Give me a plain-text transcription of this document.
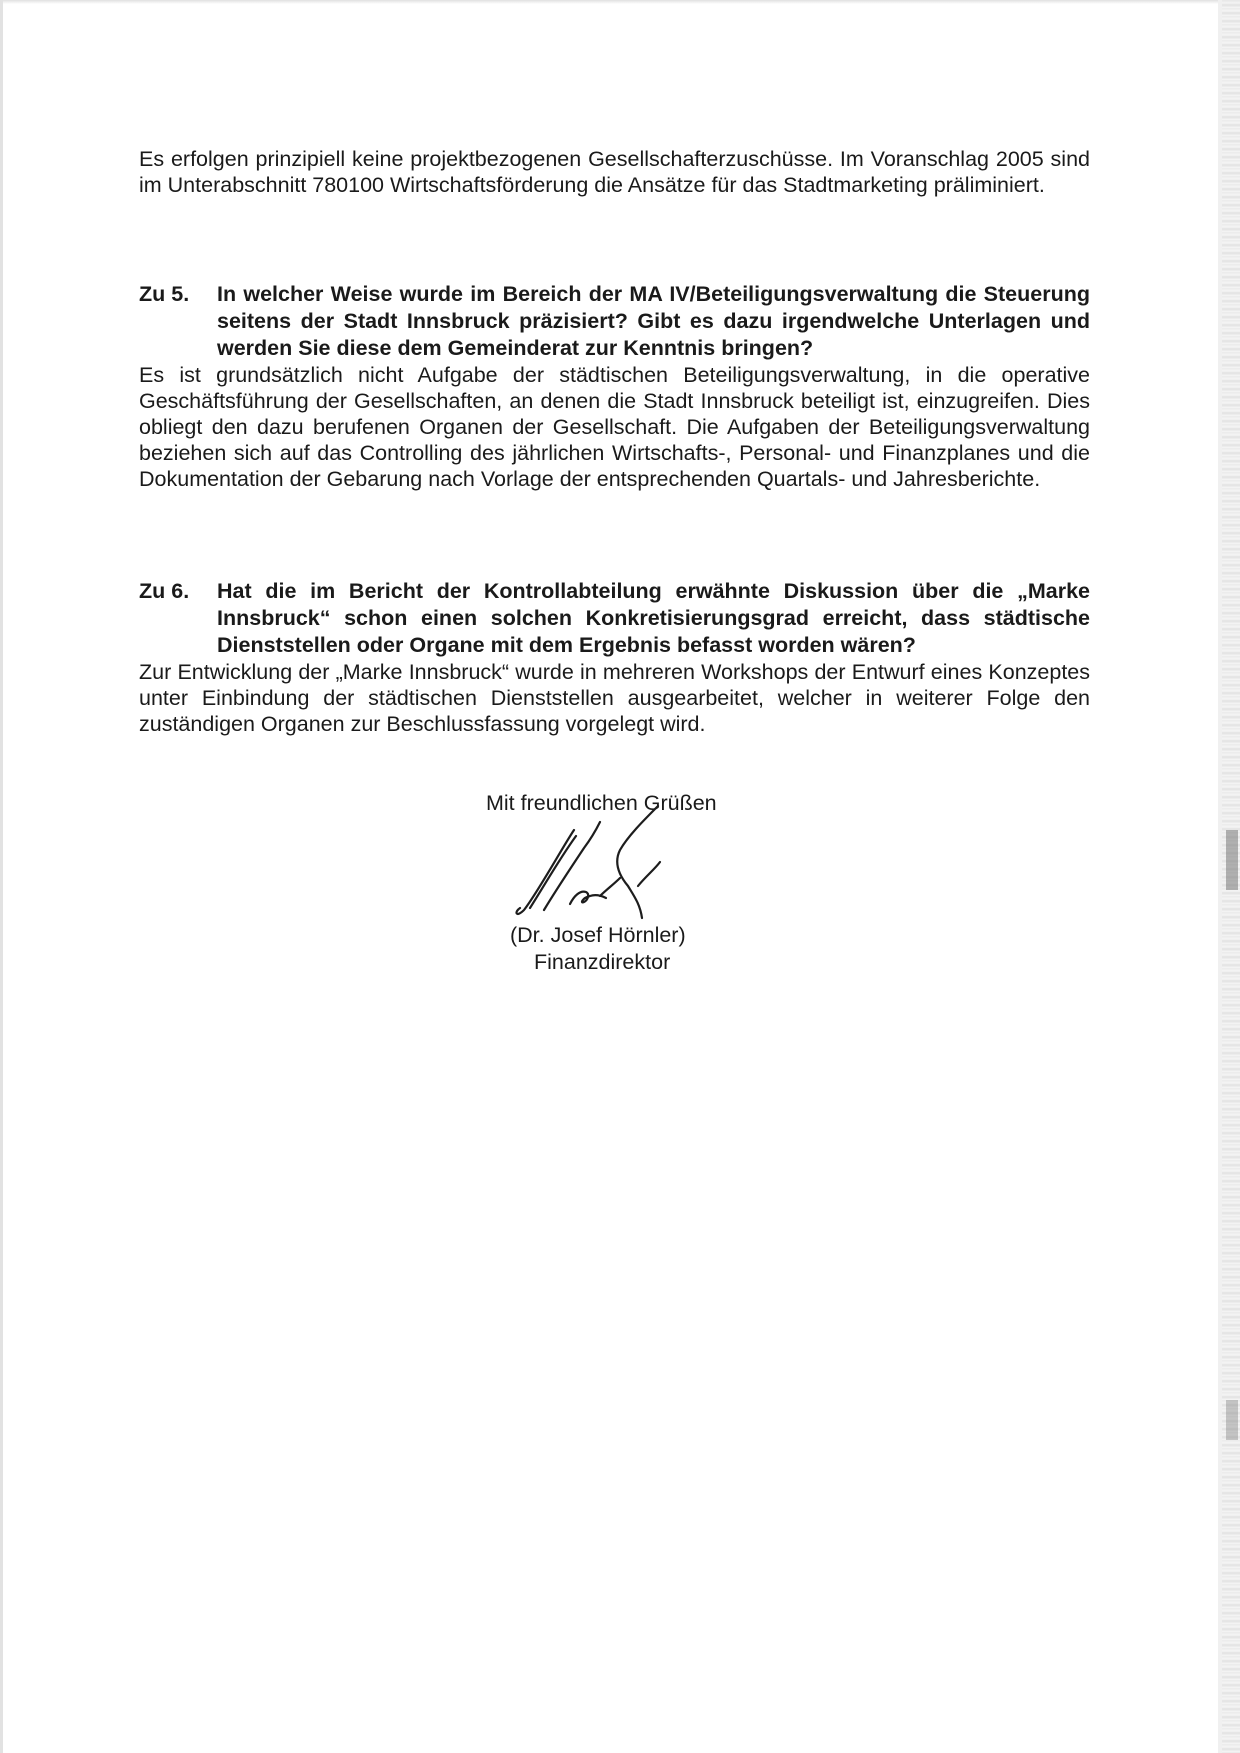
Es erfolgen prinzipiell keine projektbezogenen Gesellschafterzuschüsse. Im Voranschlag 2005 sind im Unterabschnitt 780100 Wirtschaftsförderung die Ansätze für das Stadtmarketing präliminiert.

Zu 5.	In welcher Weise wurde im Bereich der MA IV/Beteiligungsverwaltung die Steuerung seitens der Stadt Innsbruck präzisiert? Gibt es dazu irgendwelche Unterlagen und werden Sie diese dem Gemeinderat zur Kenntnis bringen?

Es ist grundsätzlich nicht Aufgabe der städtischen Beteiligungsverwaltung, in die operative Geschäftsführung der Gesellschaften, an denen die Stadt Innsbruck beteiligt ist, einzugreifen. Dies obliegt den dazu berufenen Organen der Gesellschaft. Die Aufgaben der Beteiligungsverwaltung beziehen sich auf das Controlling des jährlichen Wirtschafts-, Personal- und Finanzplanes und die Dokumentation der Gebarung nach Vorlage der entsprechenden Quartals- und Jahresberichte.

Zu 6.	Hat die im Bericht der Kontrollabteilung erwähnte Diskussion über die „Marke Innsbruck“ schon einen solchen Konkretisierungsgrad erreicht, dass städtische Dienststellen oder Organe mit dem Ergebnis befasst worden wären?

Zur Entwicklung der „Marke Innsbruck“ wurde in mehreren Workshops der Entwurf eines Konzeptes unter Einbindung der städtischen Dienststellen ausgearbeitet, welcher in weiterer Folge den zuständigen Organen zur Beschlussfassung vorgelegt wird.

Mit freundlichen Grüßen
(Dr. Josef Hörnler)
Finanzdirektor
